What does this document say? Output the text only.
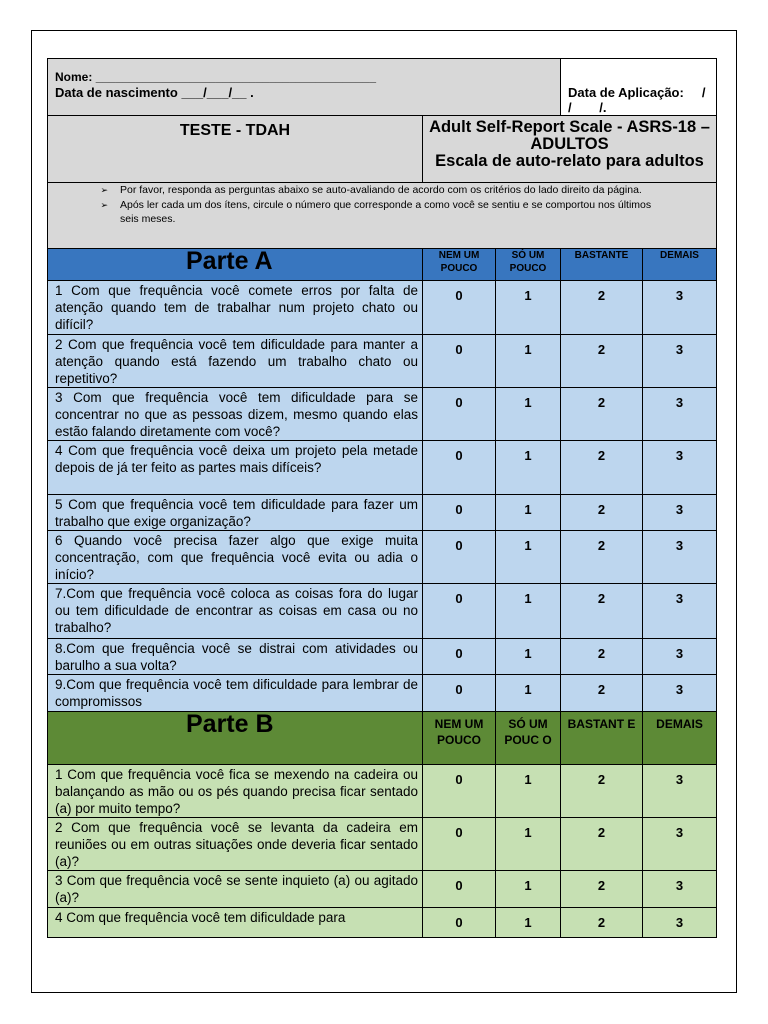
Nome: __________________________________________
Data de nascimento ___/___/__ .			Data de Aplicação: / / /.	
TESTE - TDAH	Adult Self-Report Scale - ASRS-18 –
ADULTOS
Escala de auto-relato para adultos			

➢ Por favor, responda as perguntas abaixo se auto-avaliando de acordo com os critérios do lado direito da página.
➢ Após ler cada um dos ítens, circule o número que corresponde a como você se sentiu e se comportou nos últimos seis meses.				

Parte A	NEM UM POUCO	SÓ UM POUCO	BASTANTE	DEMAIS
1 Com que frequência você comete erros por falta de atenção quando tem de trabalhar num projeto chato ou difícil?	0	1	2	3
2 Com que frequência você tem dificuldade para manter a atenção quando está fazendo um trabalho chato ou repetitivo?	0	1	2	3
3 Com que frequência você tem dificuldade para se concentrar no que as pessoas dizem, mesmo quando elas estão falando diretamente com você?	0	1	2	3
4 Com que frequência você deixa um projeto pela metade depois de já ter feito as partes mais difíceis?	0	1	2	3
5 Com que frequência você tem dificuldade para fazer um trabalho que exige organização?	0	1	2	3
6 Quando você precisa fazer algo que exige muita concentração, com que frequência você evita ou adia o início?	0	1	2	3
7.Com que frequência você coloca as coisas fora do lugar ou tem dificuldade de encontrar as coisas em casa ou no trabalho?	0	1	2	3
8.Com que frequência você se distrai com atividades ou barulho a sua volta?	0	1	2	3
9.Com que frequência você tem dificuldade para lembrar de compromissos	0	1	2	3
Parte B	NEM UM POUCO	SÓ UM POUC O	BASTANT E	DEMAIS
1 Com que frequência você fica se mexendo na cadeira ou balançando as mão ou os pés quando precisa ficar sentado (a) por muito tempo?	0	1	2	3
2 Com que frequência você se levanta da cadeira em reuniões ou em outras situações onde deveria ficar sentado (a)?	0	1	2	3
3 Com que frequência você se sente inquieto (a) ou agitado (a)?	0	1	2	3
4 Com que frequência você tem dificuldade para	0	1	2	3
